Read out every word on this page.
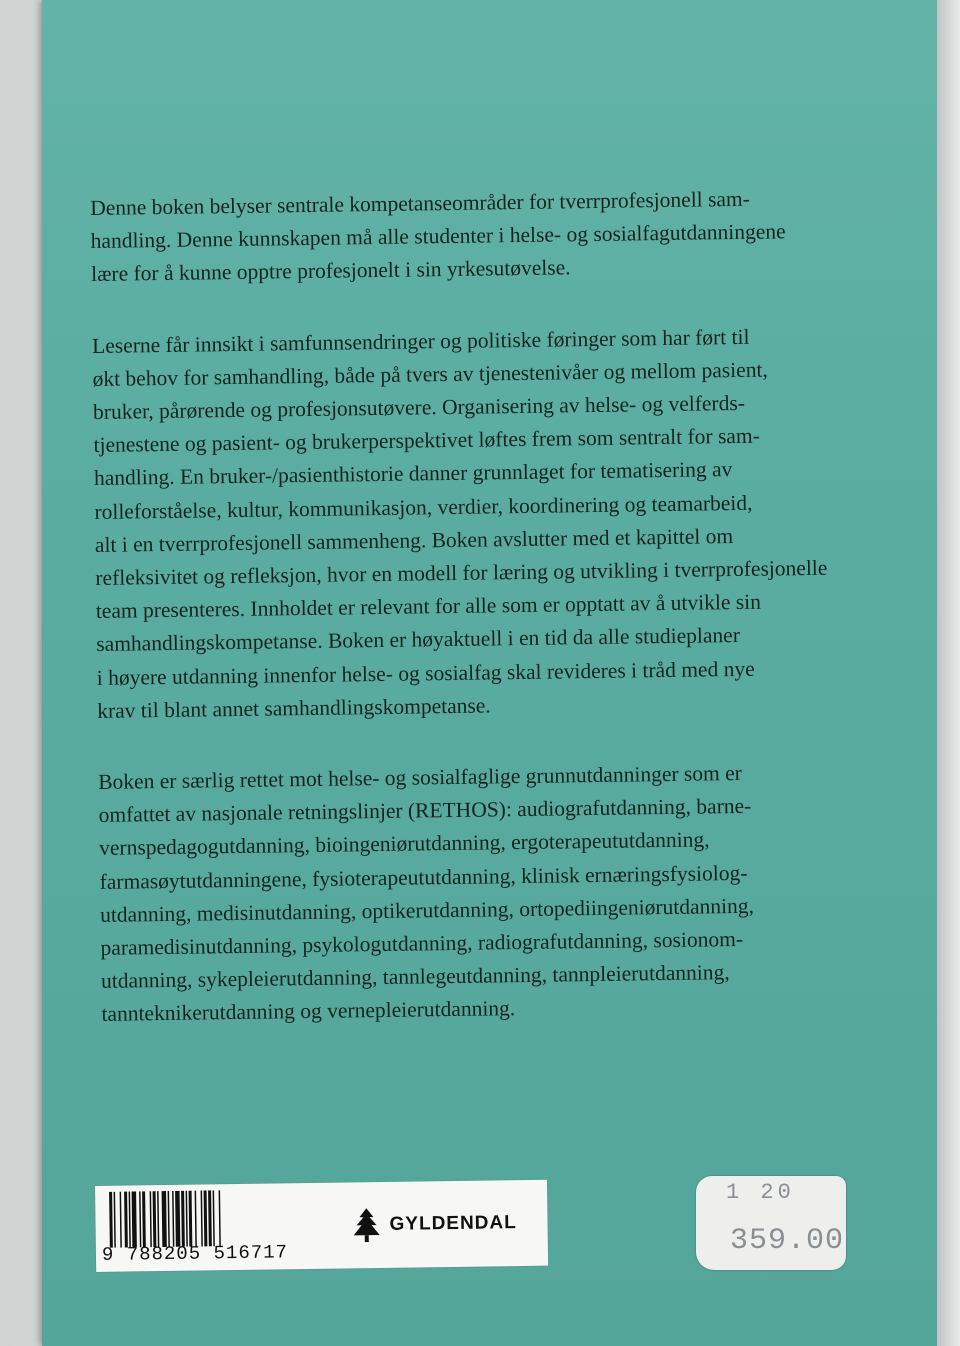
Denne boken belyser sentrale kompetanseområder for tverrprofesjonell sam-
handling. Denne kunnskapen må alle studenter i helse- og sosialfagutdanningene
lære for å kunne opptre profesjonelt i sin yrkesutøvelse.

Leserne får innsikt i samfunnsendringer og politiske føringer som har ført til
økt behov for samhandling, både på tvers av tjenestenivåer og mellom pasient,
bruker, pårørende og profesjonsutøvere. Organisering av helse- og velferds-
tjenestene og pasient- og brukerperspektivet løftes frem som sentralt for sam-
handling. En bruker-/pasienthistorie danner grunnlaget for tematisering av
rolleforståelse, kultur, kommunikasjon, verdier, koordinering og teamarbeid,
alt i en tverrprofesjonell sammenheng. Boken avslutter med et kapittel om
refleksivitet og refleksjon, hvor en modell for læring og utvikling i tverrprofesjonelle
team presenteres. Innholdet er relevant for alle som er opptatt av å utvikle sin
samhandlingskompetanse. Boken er høyaktuell i en tid da alle studieplaner
i høyere utdanning innenfor helse- og sosialfag skal revideres i tråd med nye
krav til blant annet samhandlingskompetanse.

Boken er særlig rettet mot helse- og sosialfaglige grunnutdanninger som er
omfattet av nasjonale retningslinjer (RETHOS): audiografutdanning, barne-
vernspedagogutdanning, bioingeniørutdanning, ergoterapeututdanning,
farmasøytutdanningene, fysioterapeututdanning, klinisk ernæringsfysiolog-
utdanning, medisinutdanning, optikerutdanning, ortopediingeniørutdanning,
paramedisinutdanning, psykologutdanning, radiografutdanning, sosionom-
utdanning, sykepleierutdanning, tannlegeutdanning, tannpleierutdanning,
tannteknikerutdanning og vernepleierutdanning.

9 788205 516717
GYLDENDAL
1 20
359.00
